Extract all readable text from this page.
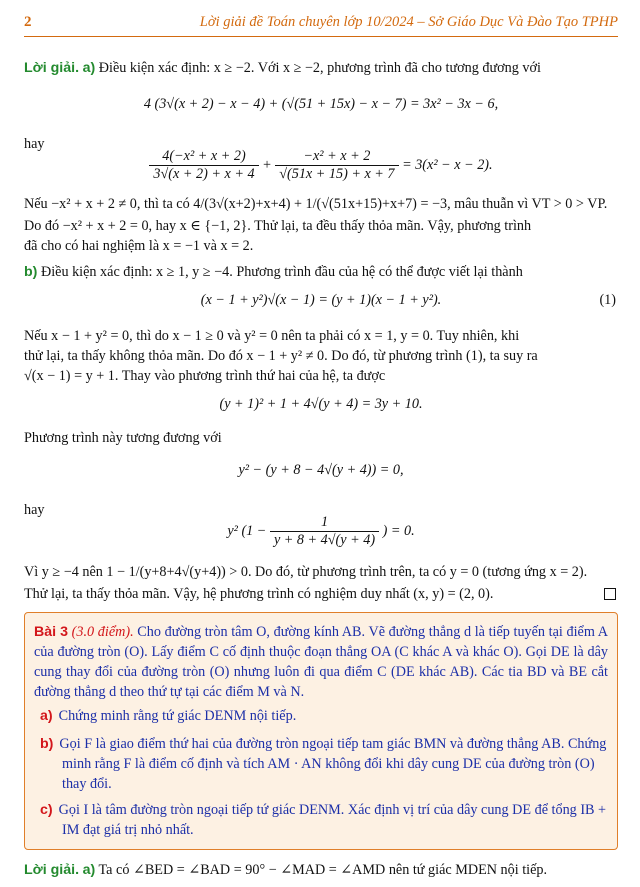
2	Lời giải đề Toán chuyên lớp 10/2024 – Sở Giáo Dục Và Đào Tạo TPHP
Lời giải. a) Điều kiện xác định: x ≥ −2. Với x ≥ −2, phương trình đã cho tương đương với
4 (3√(x + 2) − x − 4) + (√(51 + 15x) − x − 7) = 3x² − 3x − 6,
hay
$\frac{\text{4(−x² + x + 2)}}{3√(x + 2) + x + 4} + \frac{\text{−x² + x + 2}}{√(51x + 15) + x + 7} = 3(x^2 - x - 2)$.
Nếu −x² + x + 2 ≠ 0, thì ta có 4/(3√(x+2)+x+4) + 1/(√(51x+15)+x+7) = −3, mâu thuẫn vì VT > 0 > VP.
Do đó −x² + x + 2 = 0, hay x ∈ {−1, 2}. Thử lại, ta đều thấy thỏa mãn. Vậy, phương trình
đã cho có hai nghiệm là x = −1 và x = 2.
b) Điều kiện xác định: x ≥ 1, y ≥ −4. Phương trình đầu của hệ có thể được viết lại thành
(x − 1 + y²)√(x − 1) = (y + 1)(x − 1 + y²).	(1)
Nếu x − 1 + y² = 0, thì do x − 1 ≥ 0 và y² = 0 nên ta phải có x = 1, y = 0. Tuy nhiên, khi
thử lại, ta thấy không thỏa mãn. Do đó x − 1 + y² ≠ 0. Do đó, từ phương trình (1), ta suy ra
√(x − 1) = y + 1. Thay vào phương trình thứ hai của hệ, ta được
(y + 1)² + 1 + 4√(y + 4) = 3y + 10.
Phương trình này tương đương với
y² − (y + 8 − 4√(y + 4)) = 0,
hay
y² ($1 - \frac{1}{y + 8 + 4√(y + 4)}$ ) = 0.
Vì y ≥ −4 nên 1 − 1/(y+8+4√(y+4)) > 0. Do đó, từ phương trình trên, ta có y = 0 (tương ứng x = 2).
Thử lại, ta thấy thỏa mãn. Vậy, hệ phương trình có nghiệm duy nhất (x, y) = (2, 0).
Bài 3 (3.0 điểm). Cho đường tròn tâm O, đường kính AB. Vẽ đường thẳng d là tiếp tuyến tại điểm A của đường tròn (O). Lấy điểm C cố định thuộc đoạn thẳng OA (C khác A và khác O). Gọi DE là dây cung thay đổi của đường tròn (O) nhưng luôn đi qua điểm C (DE khác AB). Các tia BD và BE cắt đường thẳng d theo thứ tự tại các điểm M và N.
a) Chứng minh rằng tứ giác DENM nội tiếp.
b) Gọi F là giao điểm thứ hai của đường tròn ngoại tiếp tam giác BMN và đường thẳng AB. Chứng minh rằng F là điểm cố định và tích AM · AN không đổi khi dây cung DE của đường tròn (O) thay đổi.
c) Gọi I là tâm đường tròn ngoại tiếp tứ giác DENM. Xác định vị trí của dây cung DE để tổng IB + IM đạt giá trị nhỏ nhất.
Lời giải. a) Ta có ∠BED = ∠BAD = 90° − ∠MAD = ∠AMD nên tứ giác MDEN nội tiếp.
